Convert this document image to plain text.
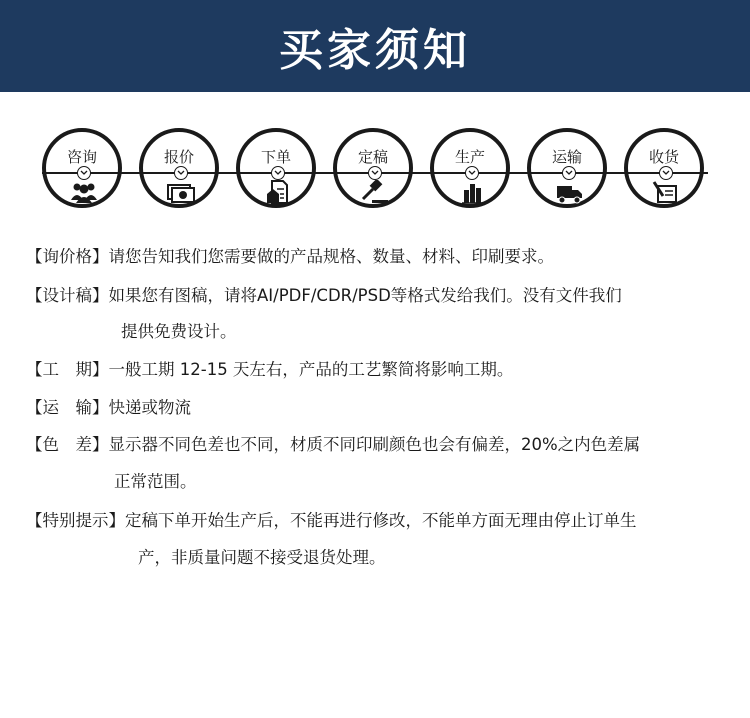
买家须知
咨询	报价	下单	定稿	生产	运输	收货
【询价格】请您告知我们您需要做的产品规格、数量、材料、印刷要求。
【设计稿】如果您有图稿，请将AI/PDF/CDR/PSD等格式发给我们。没有文件我们
提供免费设计。
【工　期】一般工期 12-15 天左右，产品的工艺繁简将影响工期。
【运　输】快递或物流
【色　差】显示器不同色差也不同，材质不同印刷颜色也会有偏差，20%之内色差属
正常范围。
【特别提示】定稿下单开始生产后，不能再进行修改，不能单方面无理由停止订单生
产，非质量问题不接受退货处理。
